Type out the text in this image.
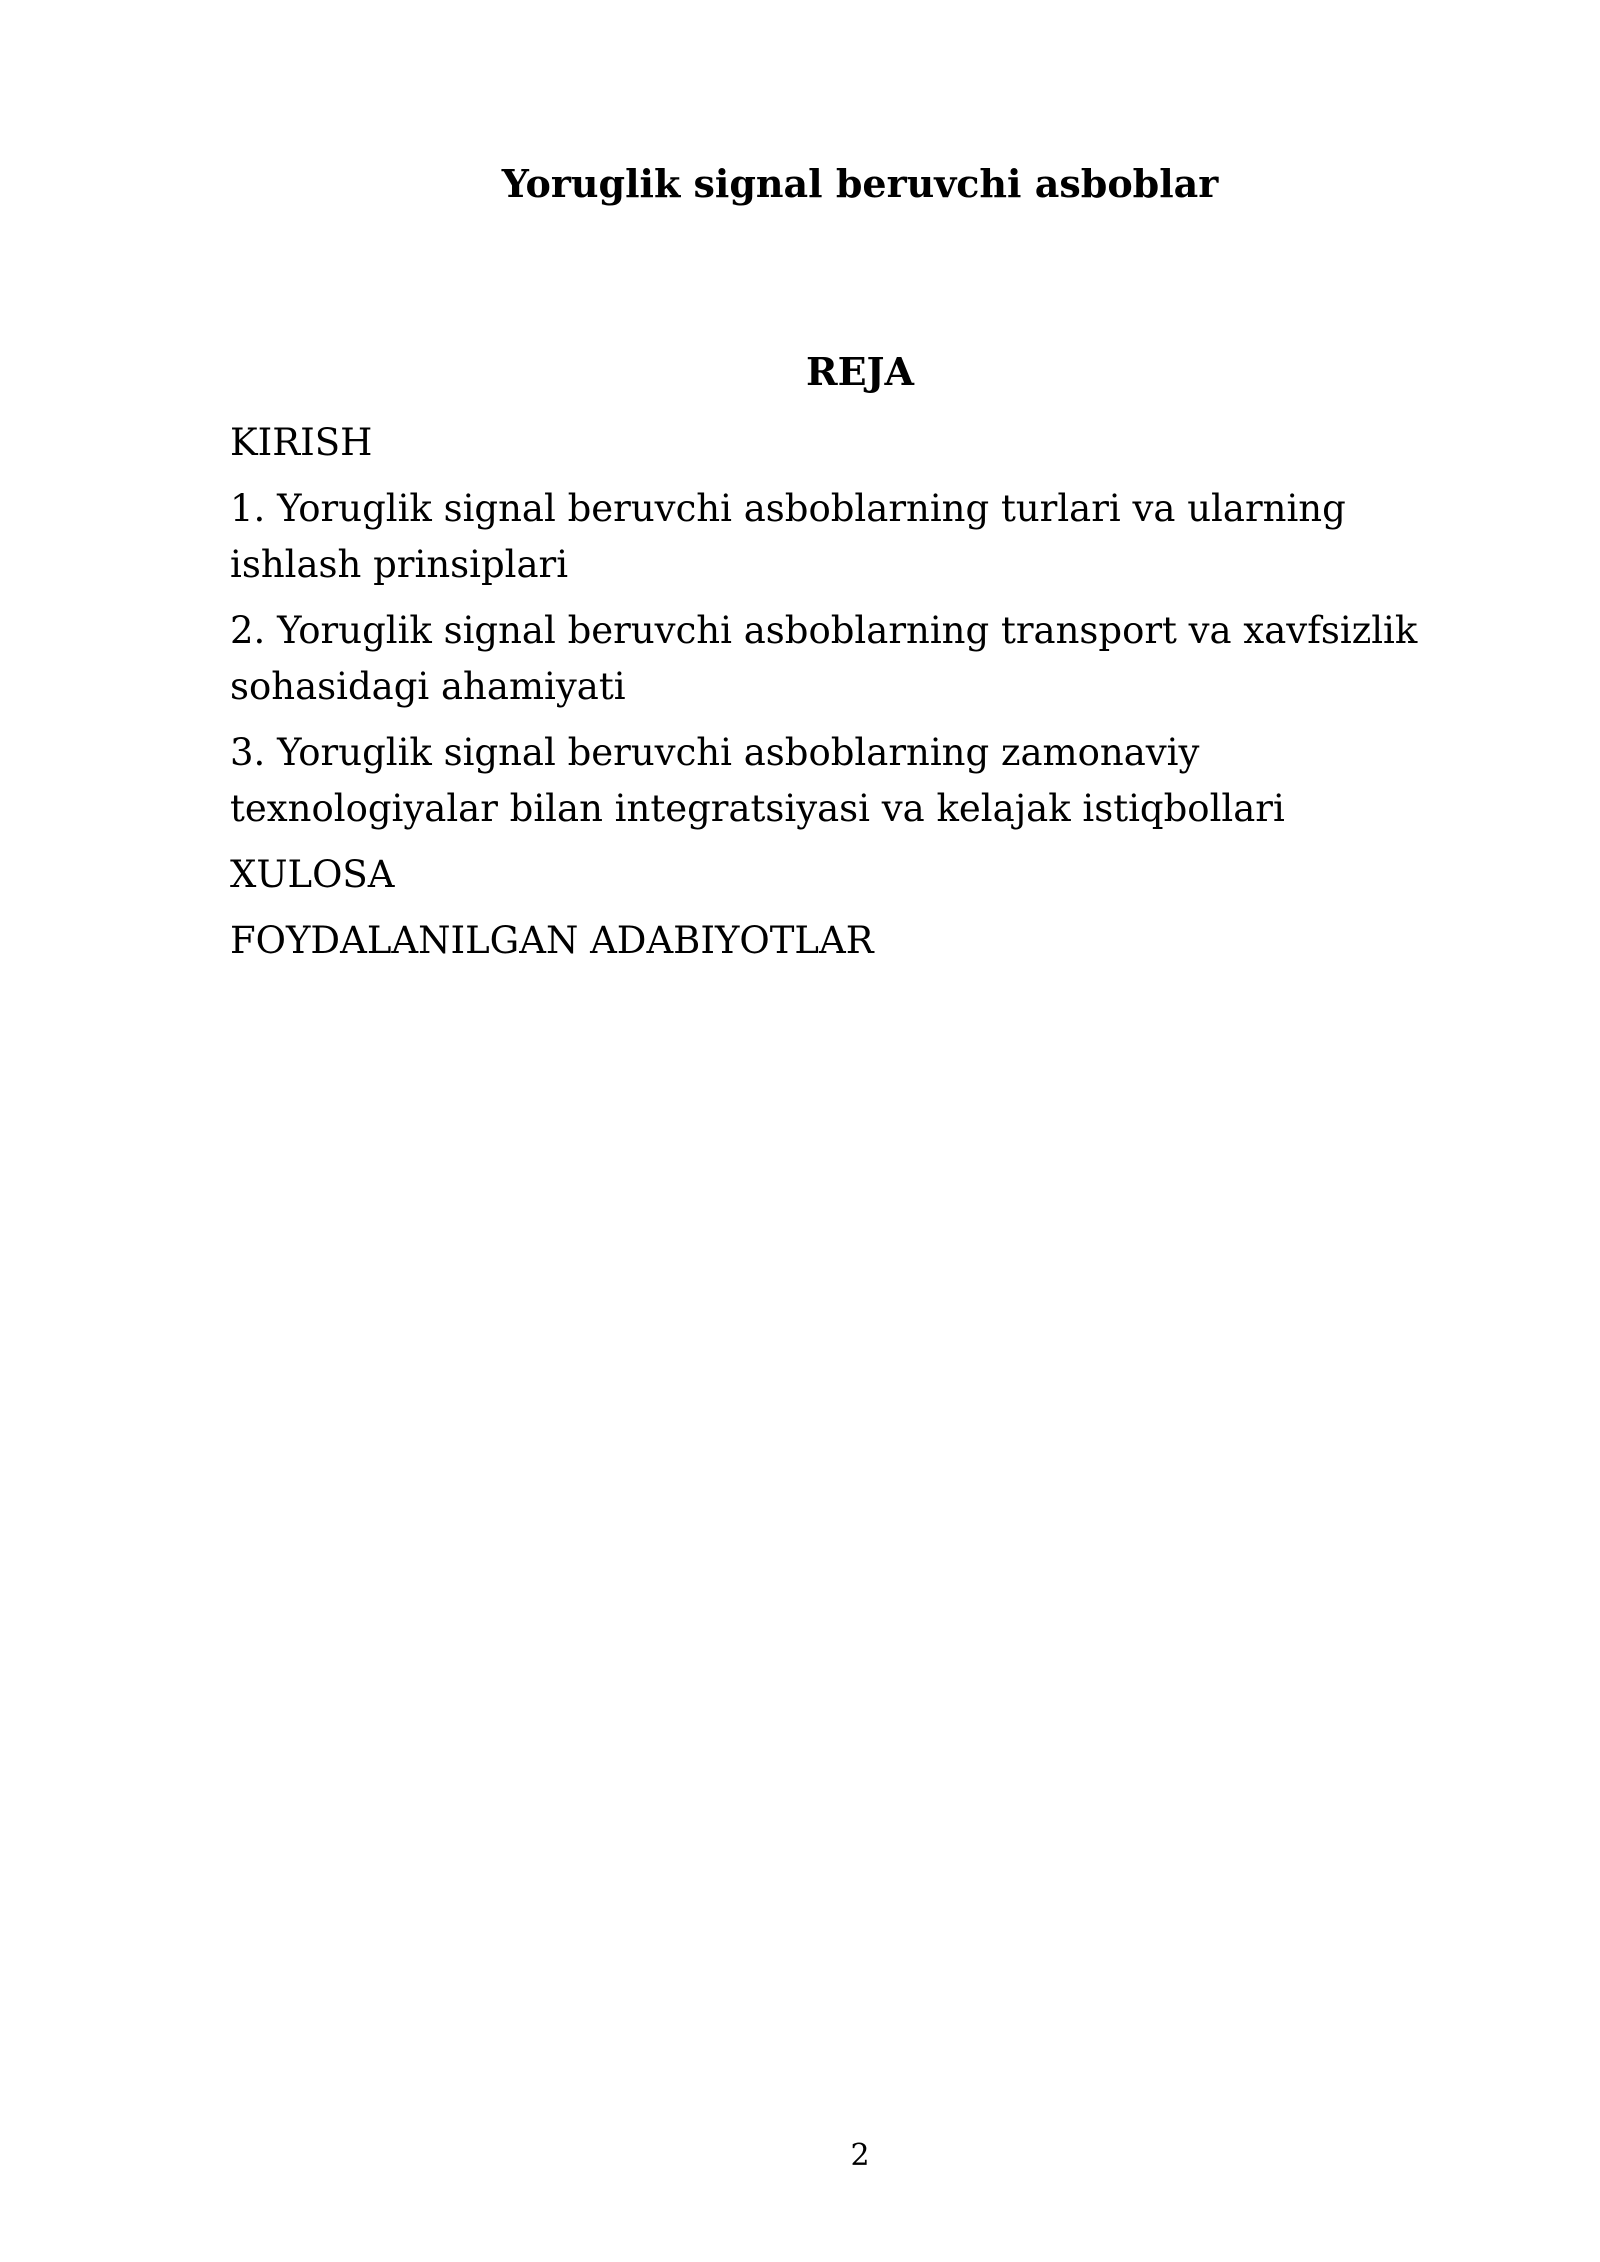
Yoruglik signal beruvchi asboblar
REJA
KIRISH
1. Yoruglik signal beruvchi asboblarning turlari va ularning ishlash prinsiplari
2. Yoruglik signal beruvchi asboblarning transport va xavfsizlik sohasidagi ahamiyati
3. Yoruglik signal beruvchi asboblarning zamonaviy texnologiyalar bilan integratsiyasi va kelajak istiqbollari
XULOSA
FOYDALANILGAN ADABIYOTLAR
2
